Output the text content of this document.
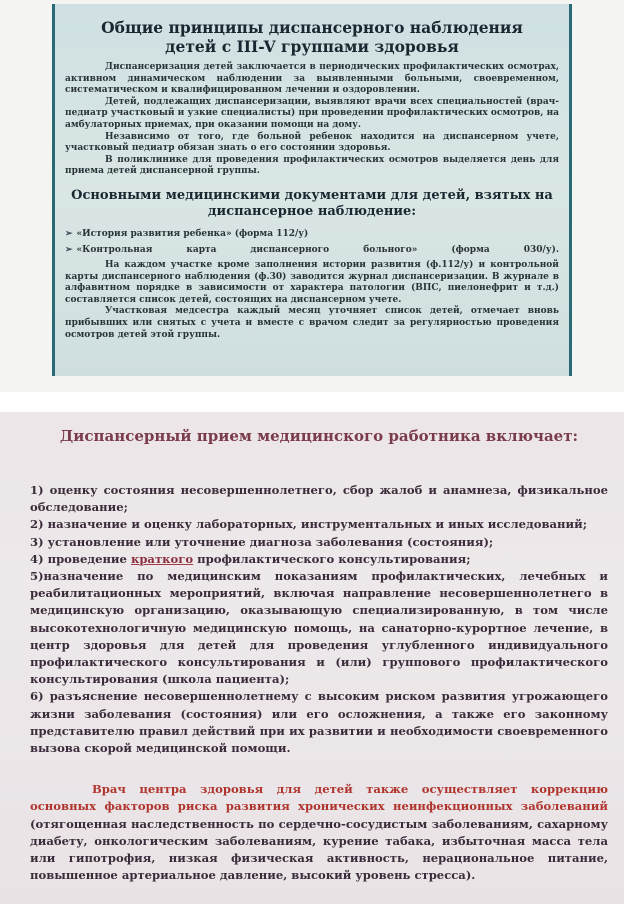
Общие принципы диспансерного наблюдения
детей с III-V группами здоровья

Диспансеризация детей заключается в периодических профилактических осмотрах, активном динамическом наблюдении за выявленными больными, своевременном, систематическом и квалифицированном лечении и оздоровлении.

Детей, подлежащих диспансеризации, выявляют врачи всех специальностей (врач-педиатр участковый и узкие специалисты) при проведении профилактических осмотров, на амбулаторных приемах, при оказании помощи на дому.

Независимо от того, где больной ребенок находится на диспансерном учете, участковый педиатр обязан знать о его состоянии здоровья.

В поликлинике для проведения профилактических осмотров выделяется день для приема детей диспансерной группы.

Основными медицинскими документами для детей, взятых на
диспансерное наблюдение:
➢ «История развития ребенка» (форма 112/у)
➢ «Контрольная карта диспансерного больного» (форма 030/у).

На каждом участке кроме заполнения истории развития (ф.112/у) и контрольной карты диспансерного наблюдения (ф.30) заводится журнал диспансеризации. В журнале в алфавитном порядке в зависимости от характера патологии (ВПС, пиелонефрит и т.д.) составляется список детей, состоящих на диспансерном учете.

Участковая медсестра каждый месяц уточняет список детей, отмечает вновь прибывших или снятых с учета и вместе с врачом следит за регулярностью проведения осмотров детей этой группы.

Диспансерный прием медицинского работника включает:

1) оценку состояния несовершеннолетнего, сбор жалоб и анамнеза, физикальное обследование;

2) назначение и оценку лабораторных, инструментальных и иных исследований;

3) установление или уточнение диагноза заболевания (состояния);

4) проведение краткого профилактического консультирования;

5)назначение по медицинским показаниям профилактических, лечебных и реабилитационных мероприятий, включая направление несовершеннолетнего в медицинскую организацию, оказывающую специализированную, в том числе высокотехнологичную медицинскую помощь, на санаторно-курортное лечение, в центр здоровья для детей для проведения углубленного индивидуального профилактического консультирования и (или) группового профилактического консультирования (школа пациента);

6) разъяснение несовершеннолетнему с высоким риском развития угрожающего жизни заболевания (состояния) или его осложнения, а также его законному представителю правил действий при их развитии и необходимости своевременного вызова скорой медицинской помощи.

Врач центра здоровья для детей также осуществляет коррекцию основных факторов риска развития хронических неинфекционных заболеваний (отягощенная наследственность по сердечно-сосудистым заболеваниям, сахарному диабету, онкологическим заболеваниям, курение табака, избыточная масса тела или гипотрофия, низкая физическая активность, нерациональное питание, повышенное артериальное давление, высокий уровень стресса).
